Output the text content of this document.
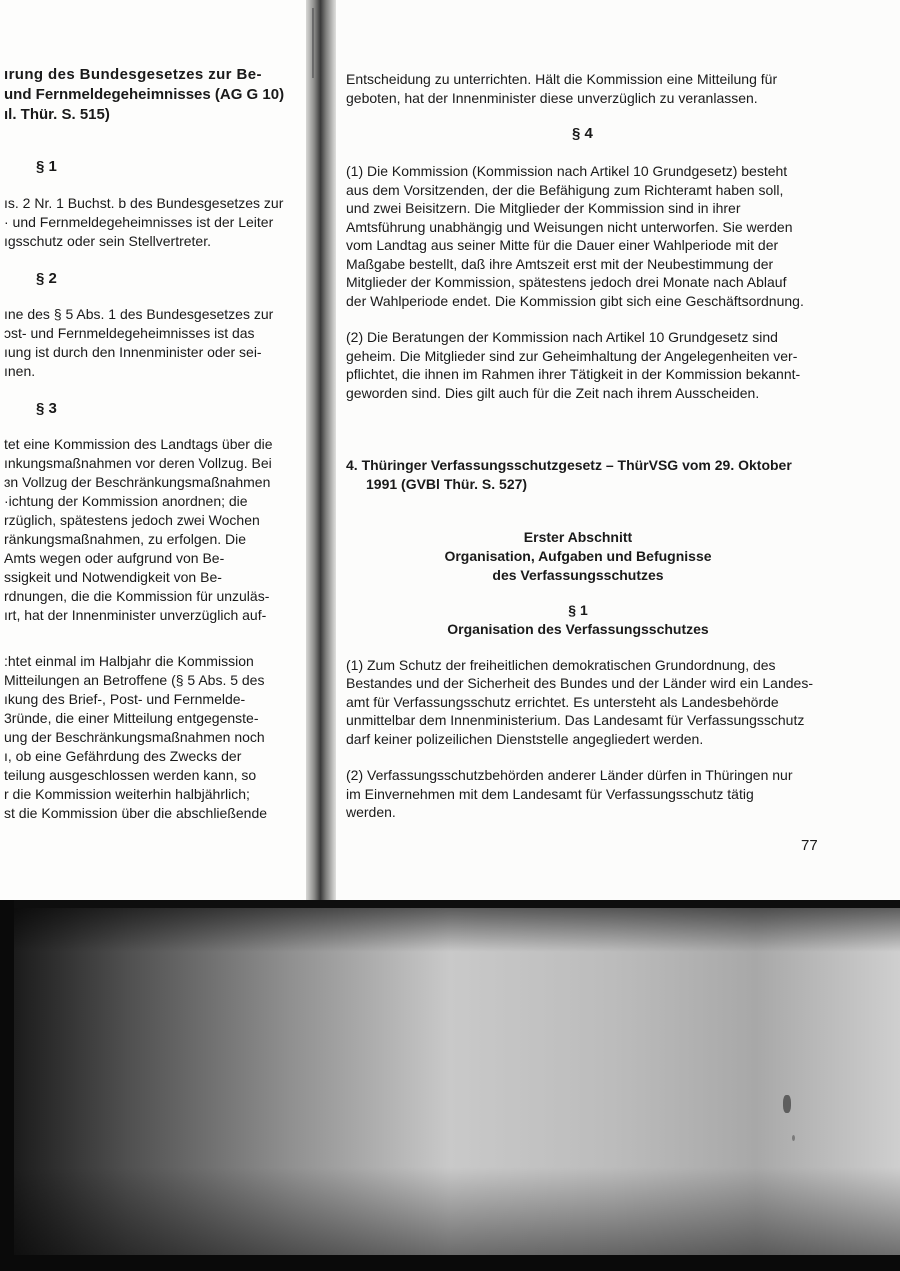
ırung des Bundesgesetzes zur Be-
und Fernmeldegeheimnisses (AG G 10)
ıl. Thür. S. 515)
§ 1
ıs. 2 Nr. 1 Buchst. b des Bundesgesetzes zur
· und Fernmeldegeheimnisses ist der Leiter
ıgsschutz oder sein Stellvertreter.
§ 2
ıne des § 5 Abs. 1 des Bundesgesetzes zur
ɔst- und Fernmeldegeheimnisses ist das
ıung ist durch den Innenminister oder sei-
ınen.
§ 3
tet eine Kommission des Landtags über die
ınkungsmaßnahmen vor deren Vollzug. Bei
ɜn Vollzug der Beschränkungsmaßnahmen
·ichtung der Kommission anordnen; die
rzüglich, spätestens jedoch zwei Wochen
ränkungsmaßnahmen, zu erfolgen. Die
Amts wegen oder aufgrund von Be-
ssigkeit und Notwendigkeit von Be-
rdnungen, die die Kommission für unzuläs-
ırt, hat der Innenminister unverzüglich auf-
:htet einmal im Halbjahr die Kommission
Mitteilungen an Betroffene (§ 5 Abs. 5 des
ıkung des Brief-, Post- und Fernmelde-
3ründe, die einer Mitteilung entgegenste-
ung der Beschränkungsmaßnahmen noch
ı, ob eine Gefährdung des Zwecks der
teilung ausgeschlossen werden kann, so
r die Kommission weiterhin halbjährlich;
st die Kommission über die abschließende
Entscheidung zu unterrichten. Hält die Kommission eine Mitteilung für
geboten, hat der Innenminister diese unverzüglich zu veranlassen.
§ 4
(1) Die Kommission (Kommission nach Artikel 10 Grundgesetz) besteht
aus dem Vorsitzenden, der die Befähigung zum Richteramt haben soll,
und zwei Beisitzern. Die Mitglieder der Kommission sind in ihrer
Amtsführung unabhängig und Weisungen nicht unterworfen. Sie werden
vom Landtag aus seiner Mitte für die Dauer einer Wahlperiode mit der
Maßgabe bestellt, daß ihre Amtszeit erst mit der Neubestimmung der
Mitglieder der Kommission, spätestens jedoch drei Monate nach Ablauf
der Wahlperiode endet. Die Kommission gibt sich eine Geschäftsordnung.
(2) Die Beratungen der Kommission nach Artikel 10 Grundgesetz sind
geheim. Die Mitglieder sind zur Geheimhaltung der Angelegenheiten ver-
pflichtet, die ihnen im Rahmen ihrer Tätigkeit in der Kommission bekannt-
geworden sind. Dies gilt auch für die Zeit nach ihrem Ausscheiden.
4. Thüringer Verfassungsschutzgesetz – ThürVSG vom 29. Oktober
1991 (GVBl Thür. S. 527)
Erster Abschnitt
Organisation, Aufgaben und Befugnisse
des Verfassungsschutzes
§ 1
Organisation des Verfassungsschutzes
(1) Zum Schutz der freiheitlichen demokratischen Grundordnung, des
Bestandes und der Sicherheit des Bundes und der Länder wird ein Landes-
amt für Verfassungsschutz errichtet. Es untersteht als Landesbehörde
unmittelbar dem Innenministerium. Das Landesamt für Verfassungsschutz
darf keiner polizeilichen Dienststelle angegliedert werden.
(2) Verfassungsschutzbehörden anderer Länder dürfen in Thüringen nur
im Einvernehmen mit dem Landesamt für Verfassungsschutz tätig
werden.
77
